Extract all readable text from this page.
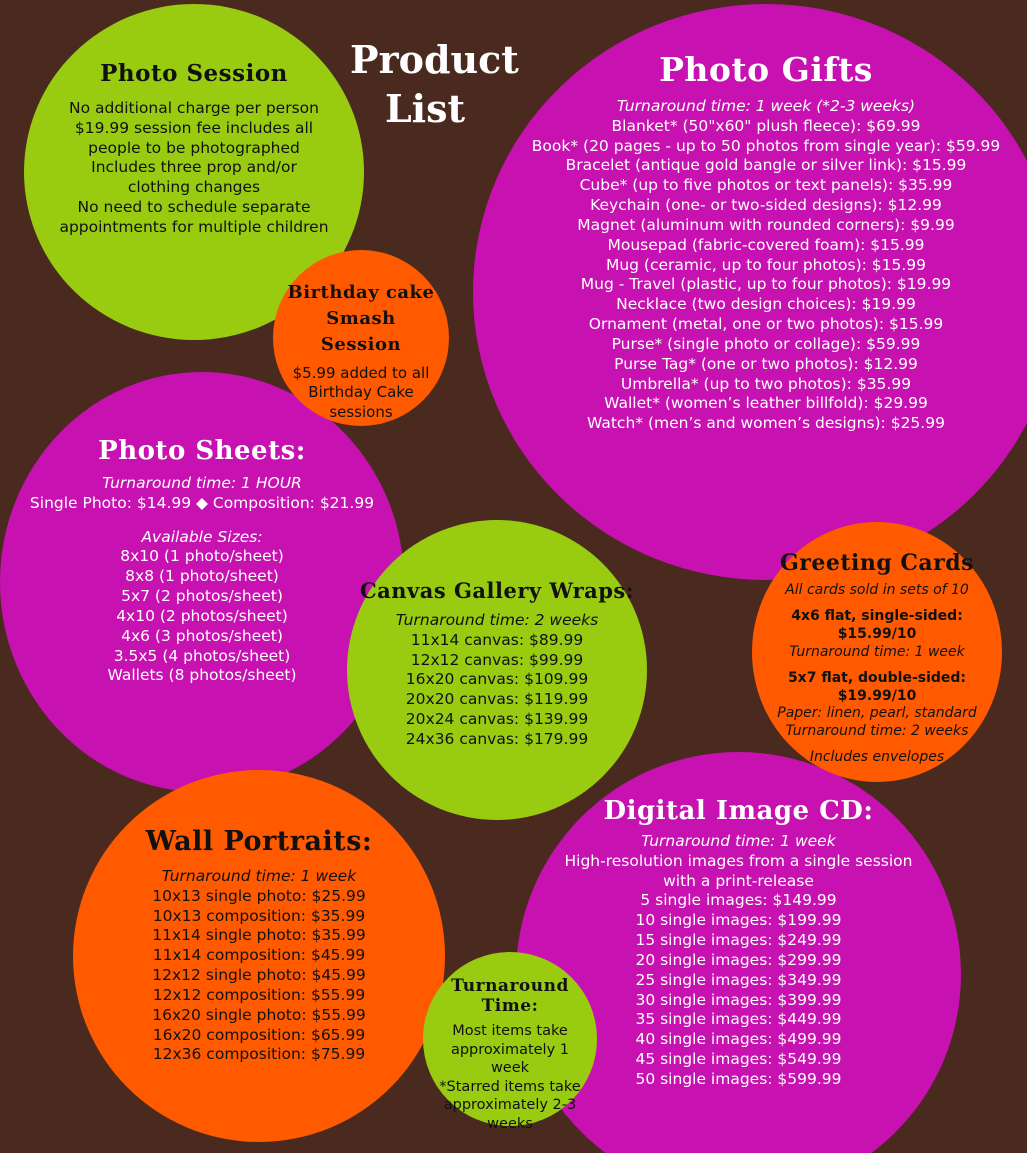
Photo Gifts
Turnaround time: 1 week (*2-3 weeks)
Blanket* (50"x60" plush fleece): $69.99
Book* (20 pages - up to 50 photos from single year): $59.99
Bracelet (antique gold bangle or silver link): $15.99
Cube* (up to five photos or text panels): $35.99
Keychain (one- or two-sided designs): $12.99
Magnet (aluminum with rounded corners): $9.99
Mousepad (fabric-covered foam): $15.99
Mug (ceramic, up to four photos): $15.99
Mug - Travel (plastic, up to four photos): $19.99
Necklace (two design choices): $19.99
Ornament (metal, one or two photos): $15.99
Purse* (single photo or collage): $59.99
Purse Tag* (one or two photos): $12.99
Umbrella* (up to two photos): $35.99
Wallet* (women’s leather billfold): $29.99
Watch* (men’s and women’s designs): $25.99
Photo Sheets:
Turnaround time: 1 HOUR
Single Photo: $14.99 ◆ Composition: $21.99
Available Sizes:
8x10 (1 photo/sheet)
8x8 (1 photo/sheet)
5x7 (2 photos/sheet)
4x10 (2 photos/sheet)
4x6 (3 photos/sheet)
3.5x5 (4 photos/sheet)
Wallets (8 photos/sheet)
Digital Image CD:
Turnaround time: 1 week
High-resolution images from a single session with a print-release
5 single images: $149.99
10 single images: $199.99
15 single images: $249.99
20 single images: $299.99
25 single images: $349.99
30 single images: $399.99
35 single images: $449.99
40 single images: $499.99
45 single images: $549.99
50 single images: $599.99
Photo Session
No additional charge per person
$19.99 session fee includes all people to be photographed
Includes three prop and/or clothing changes
No need to schedule separate appointments for multiple children
Product
List
Birthday cake Smash Session
$5.99 added to all Birthday Cake sessions
Canvas Gallery Wraps:
Turnaround time: 2 weeks
11x14 canvas: $89.99
12x12 canvas: $99.99
16x20 canvas: $109.99
20x20 canvas: $119.99
20x24 canvas: $139.99
24x36 canvas: $179.99
Greeting Cards
All cards sold in sets of 10
4x6 flat, single-sided: $15.99/10
Turnaround time: 1 week
5x7 flat, double-sided: $19.99/10
Paper: linen, pearl, standard
Turnaround time: 2 weeks
Includes envelopes
Wall Portraits:
Turnaround time: 1 week
10x13 single photo: $25.99
10x13 composition: $35.99
11x14 single photo: $35.99
11x14 composition: $45.99
12x12 single photo: $45.99
12x12 composition: $55.99
16x20 single photo: $55.99
16x20 composition: $65.99
12x36 composition: $75.99
Turnaround Time:
Most items take approximately 1 week
*Starred items take approximately 2-3 weeks
